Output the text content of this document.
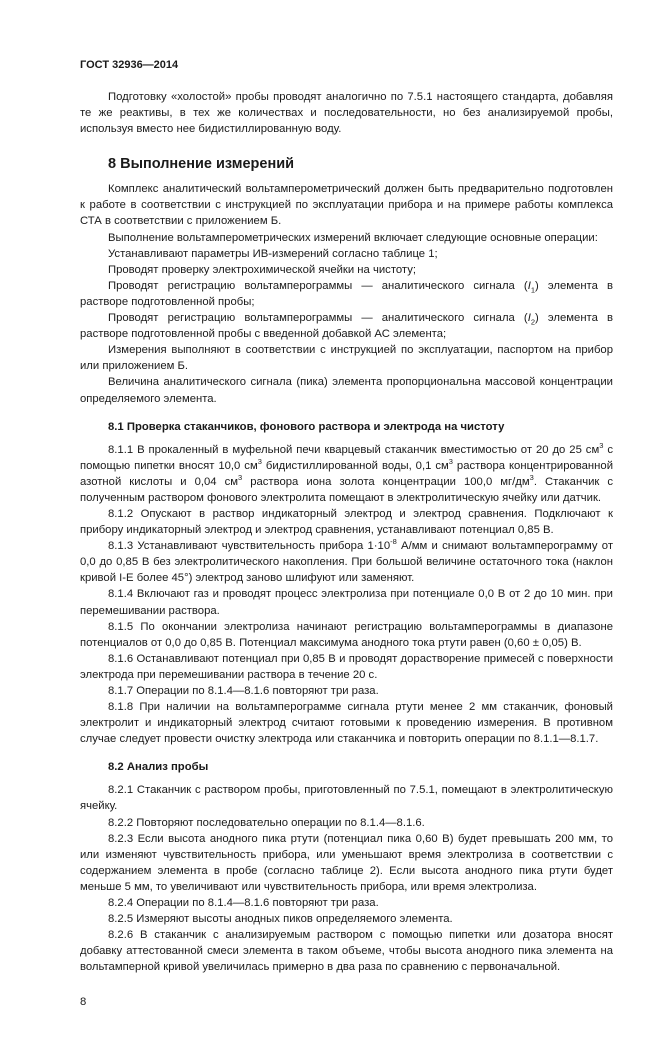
ГОСТ 32936—2014

Подготовку «холостой» пробы проводят аналогично по 7.5.1 настоящего стандарта, добавляя те же реактивы, в тех же количествах и последовательности, но без анализируемой пробы, используя вместо нее бидистиллированную воду.

8 Выполнение измерений

Комплекс аналитический вольтамперометрический должен быть предварительно подготовлен к работе в соответствии с инструкцией по эксплуатации прибора и на примере работы комплекса СТА в соответствии с приложением Б.

Выполнение вольтамперометрических измерений включает следующие основные операции:

Устанавливают параметры ИВ-измерений согласно таблице 1;

Проводят проверку электрохимической ячейки на чистоту;

Проводят регистрацию вольтамперограммы — аналитического сигнала $(I_1)$ элемента в растворе подготовленной пробы;

Проводят регистрацию вольтамперограммы — аналитического сигнала $(I_2)$ элемента в растворе подготовленной пробы с введенной добавкой АС элемента;

Измерения выполняют в соответствии с инструкцией по эксплуатации, паспортом на прибор или приложением Б.

Величина аналитического сигнала (пика) элемента пропорциональна массовой концентрации определяемого элемента.

8.1 Проверка стаканчиков, фонового раствора и электрода на чистоту

8.1.1 В прокаленный в муфельной печи кварцевый стаканчик вместимостью от 20 до 25 $см^3$ с помощью пипетки вносят 10,0 $см^3$ бидистиллированной воды, 0,1 $см^3$ раствора концентрированной азотной кислоты и 0,04 $см^3$ раствора иона золота концентрации 100,0 $мг/дм^3$. Стаканчик с полученным раствором фонового электролита помещают в электролитическую ячейку или датчик.

8.1.2 Опускают в раствор индикаторный электрод и электрод сравнения. Подключают к прибору индикаторный электрод и электрод сравнения, устанавливают потенциал 0,85 В.

8.1.3 Устанавливают чувствительность прибора $1\cdot 10^{-8}$ А/мм и снимают вольтамперограмму от 0,0 до 0,85 В без электролитического накопления. При большой величине остаточного тока (наклон кривой I-E более 45°) электрод заново шлифуют или заменяют.

8.1.4 Включают газ и проводят процесс электролиза при потенциале 0,0 В от 2 до 10 мин. при перемешивании раствора.

8.1.5 По окончании электролиза начинают регистрацию вольтамперограммы в диапазоне потенциалов от 0,0 до 0,85 В. Потенциал максимума анодного тока ртути равен (0,60 ± 0,05) В.

8.1.6 Останавливают потенциал при 0,85 В и проводят дорастворение примесей с поверхности электрода при перемешивании раствора в течение 20 с.

8.1.7 Операции по 8.1.4—8.1.6 повторяют три раза.

8.1.8 При наличии на вольтамперограмме сигнала ртути менее 2 мм стаканчик, фоновый электролит и индикаторный электрод считают готовыми к проведению измерения. В противном случае следует провести очистку электрода или стаканчика и повторить операции по 8.1.1—8.1.7.

8.2 Анализ пробы

8.2.1 Стаканчик с раствором пробы, приготовленный по 7.5.1, помещают в электролитическую ячейку.

8.2.2 Повторяют последовательно операции по 8.1.4—8.1.6.

8.2.3 Если высота анодного пика ртути (потенциал пика 0,60 В) будет превышать 200 мм, то или изменяют чувствительность прибора, или уменьшают время электролиза в соответствии с содержанием элемента в пробе (согласно таблице 2). Если высота анодного пика ртути будет меньше 5 мм, то увеличивают или чувствительность прибора, или время электролиза.

8.2.4 Операции по 8.1.4—8.1.6 повторяют три раза.

8.2.5 Измеряют высоты анодных пиков определяемого элемента.

8.2.6 В стаканчик с анализируемым раствором с помощью пипетки или дозатора вносят добавку аттестованной смеси элемента в таком объеме, чтобы высота анодного пика элемента на вольтамперной кривой увеличилась примерно в два раза по сравнению с первоначальной.

8
